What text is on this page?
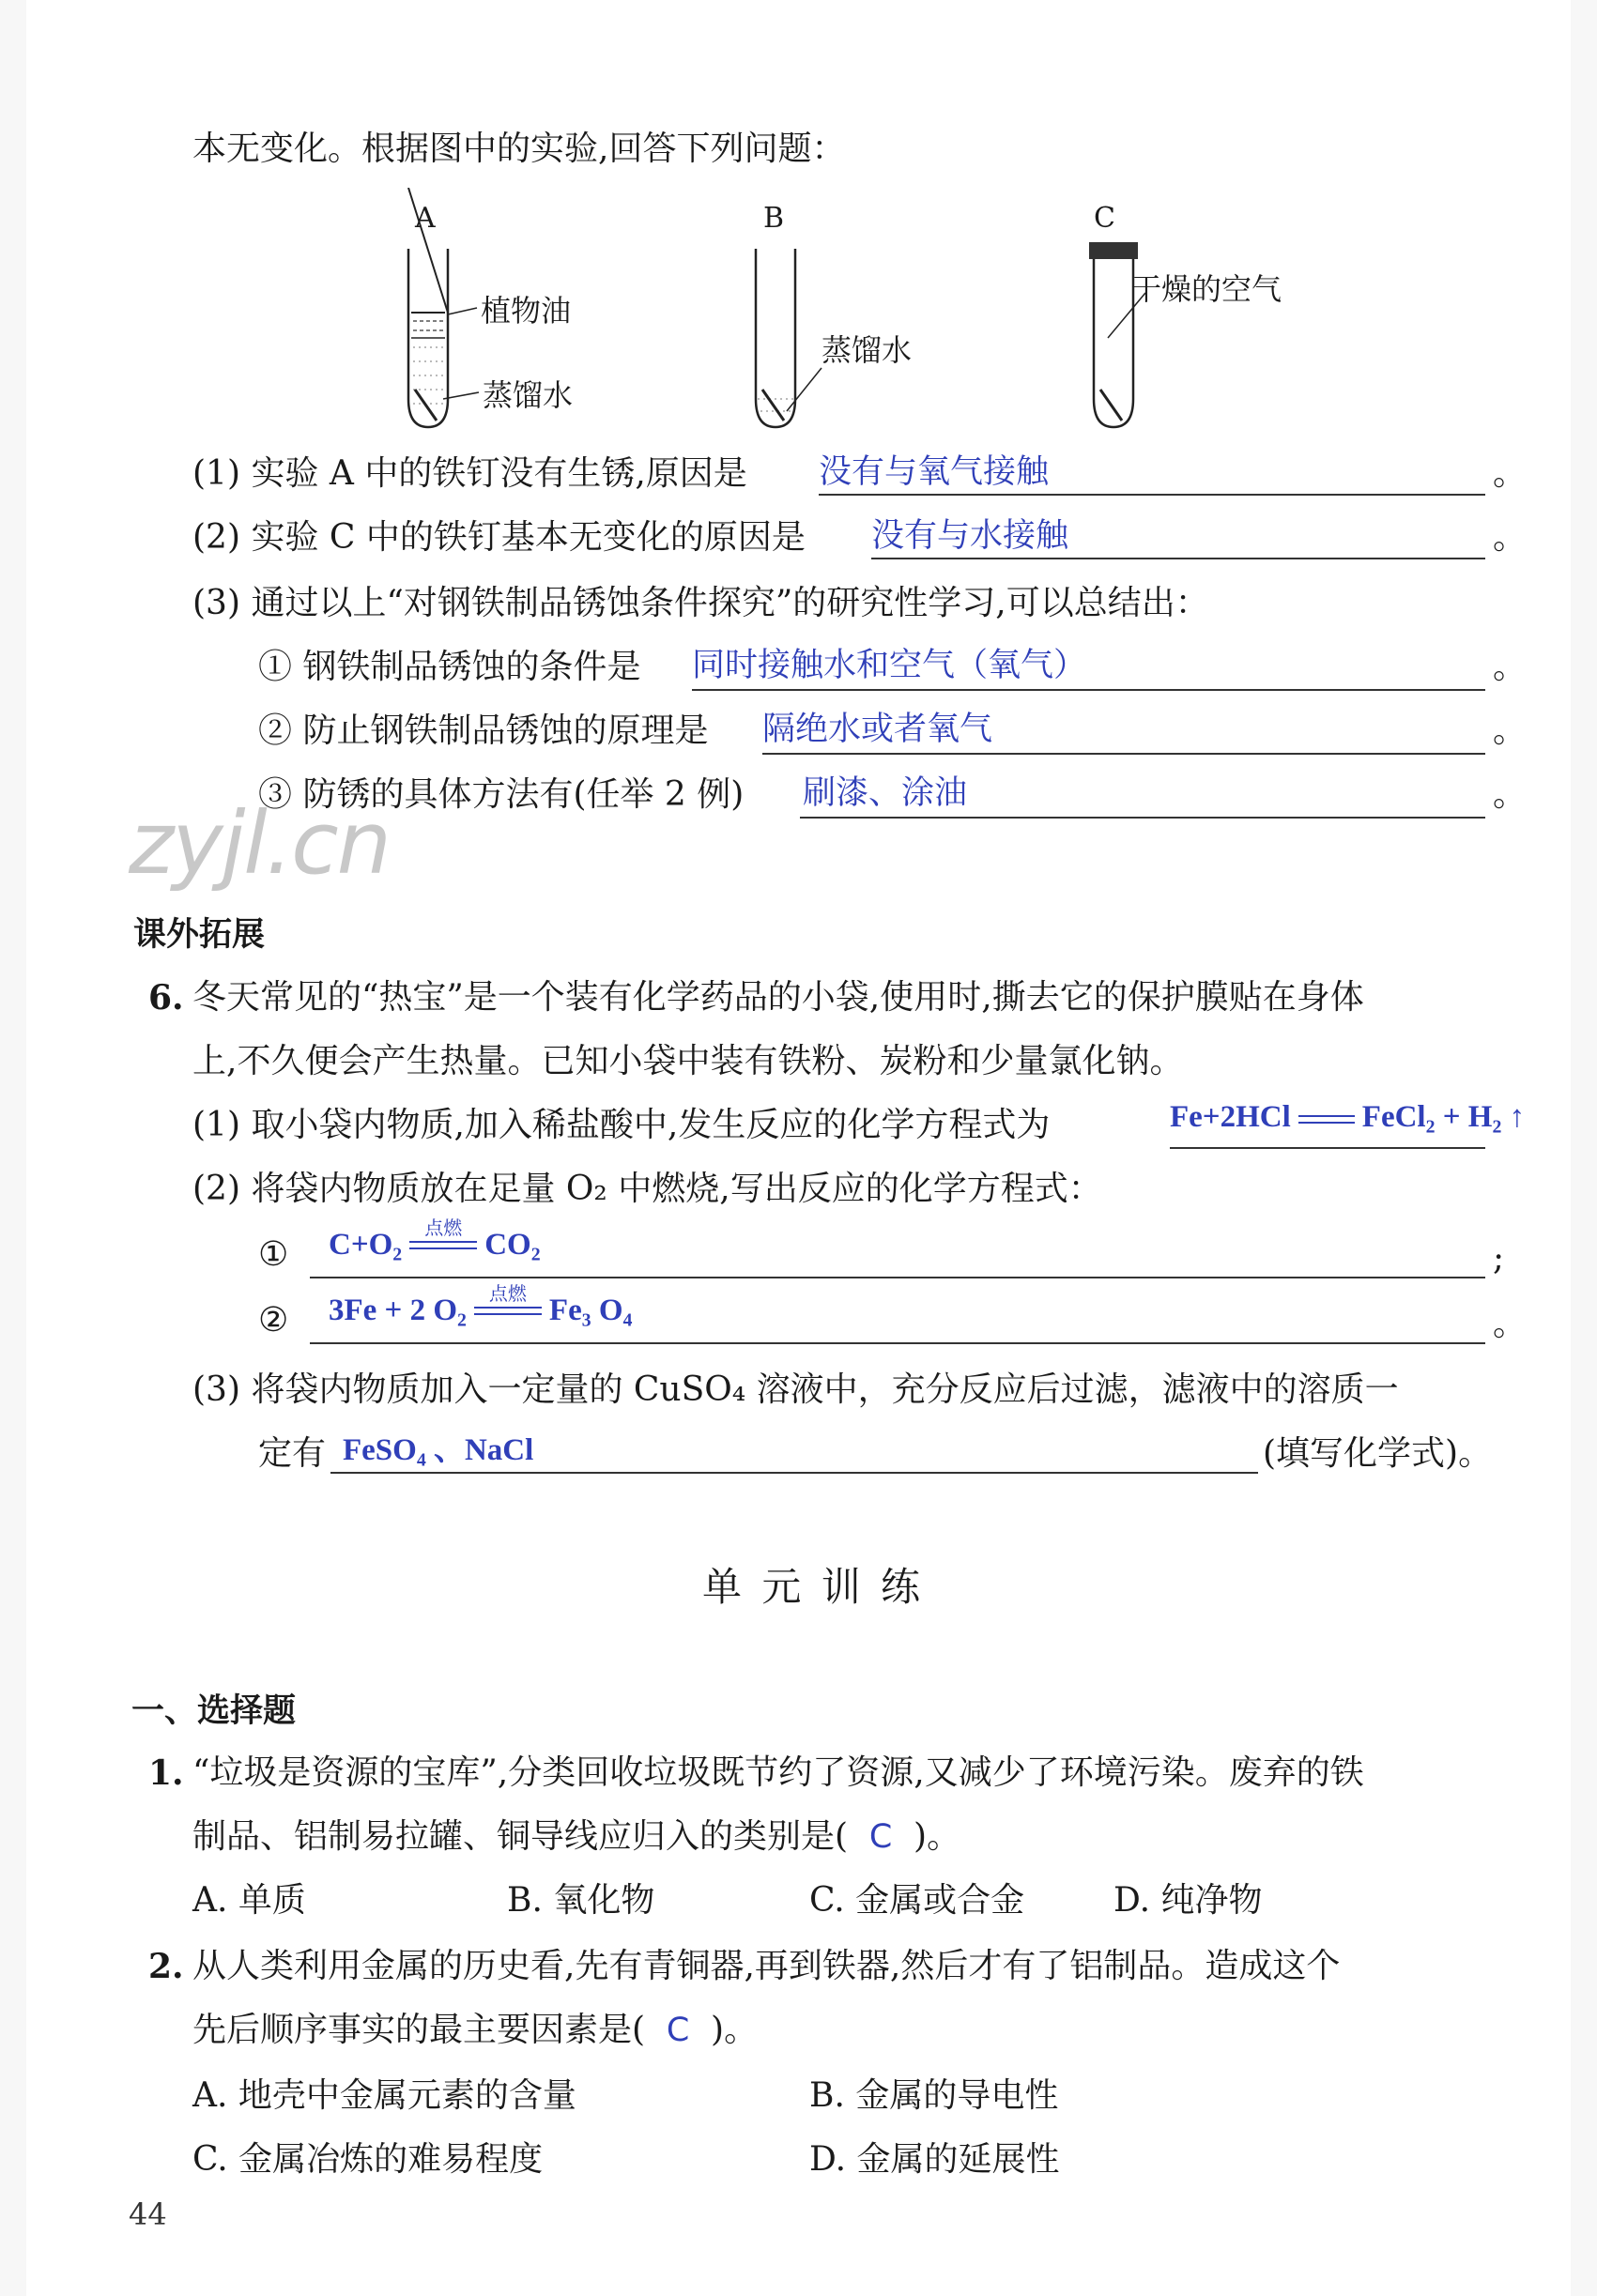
本无变化。根据图中的实验,回答下列问题：
A	B	C
植物油
蒸馏水
蒸馏水
干燥的空气
(1) 实验 A 中的铁钉没有生锈,原因是 没有与氧气接触	。
(2) 实验 C 中的铁钉基本无变化的原因是 没有与水接触	。
(3) 通过以上“对钢铁制品锈蚀条件探究”的研究性学习,可以总结出：
① 钢铁制品锈蚀的条件是 同时接触水和空气（氧气）	。
② 防止钢铁制品锈蚀的原理是 隔绝水或者氧气	。
③ 防锈的具体方法有(任举 2 例) 刷漆、涂油	。
zyjl.cn
课外拓展
6. 冬天常见的“热宝”是一个装有化学药品的小袋,使用时,撕去它的保护膜贴在身体
上,不久便会产生热量。已知小袋中装有铁粉、炭粉和少量氯化钠。
(1) 取小袋内物质,加入稀盐酸中,发生反应的化学方程式为	Fe+2HCl FeCl₂ + H₂ ↑
(2) 将袋内物质放在足量 O₂ 中燃烧,写出反应的化学方程式：
① C+O₂	点燃 CO₂	;
② 3Fe + 2 O₂	点燃 Fe₃ O₄	。
(3) 将袋内物质加入一定量的 CuSO₄ 溶液中，充分反应后过滤，滤液中的溶质一
定有 FeSO₄ 、NaCl	(填写化学式)。
单 元 训 练
一、选择题
1. “垃圾是资源的宝库”,分类回收垃圾既节约了资源,又减少了环境污染。废弃的铁
制品、铝制易拉罐、铜导线应归入的类别是( C )。
A. 单质	B. 氧化物	C. 金属或合金	D. 纯净物
2. 从人类利用金属的历史看,先有青铜器,再到铁器,然后才有了铝制品。造成这个
先后顺序事实的最主要因素是( C )。
A. 地壳中金属元素的含量	B. 金属的导电性
C. 金属冶炼的难易程度	D. 金属的延展性
44
